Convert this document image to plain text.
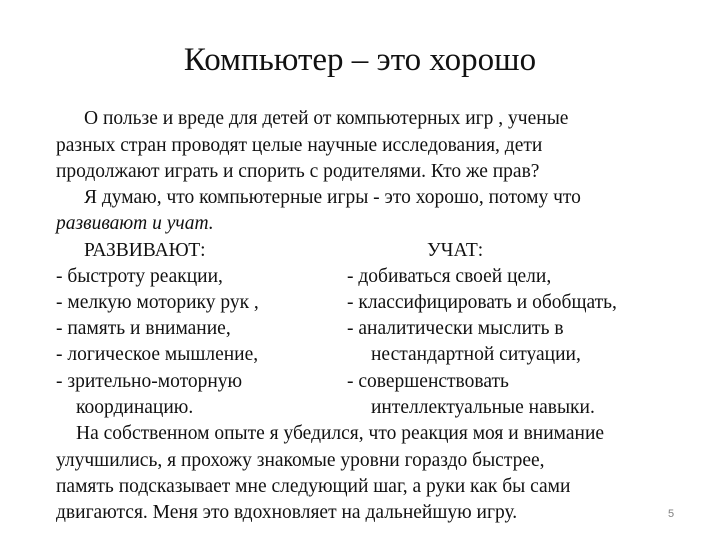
Компьютер – это хорошо
О пользе и вреде для детей от компьютерных игр , ученые
разных стран проводят целые научные исследования, дети
продолжают играть и спорить с родителями. Кто же прав?
Я думаю, что компьютерные игры - это хорошо, потому что
развивают и учат.
РАЗВИВАЮТ:
- быстроту реакции,
- мелкую моторику рук ,
- память и внимание,
- логическое мышление,
- зрительно-моторную
координацию.
УЧАТ:
- добиваться своей цели,
- классифицировать и обобщать,
- аналитически мыслить в
нестандартной ситуации,
- совершенствовать
интеллектуальные навыки.
На собственном опыте я убедился, что реакция моя и внимание
улучшились, я прохожу знакомые уровни гораздо быстрее,
память подсказывает мне следующий шаг, а руки как бы сами
двигаются. Меня это вдохновляет на дальнейшую игру.	5
